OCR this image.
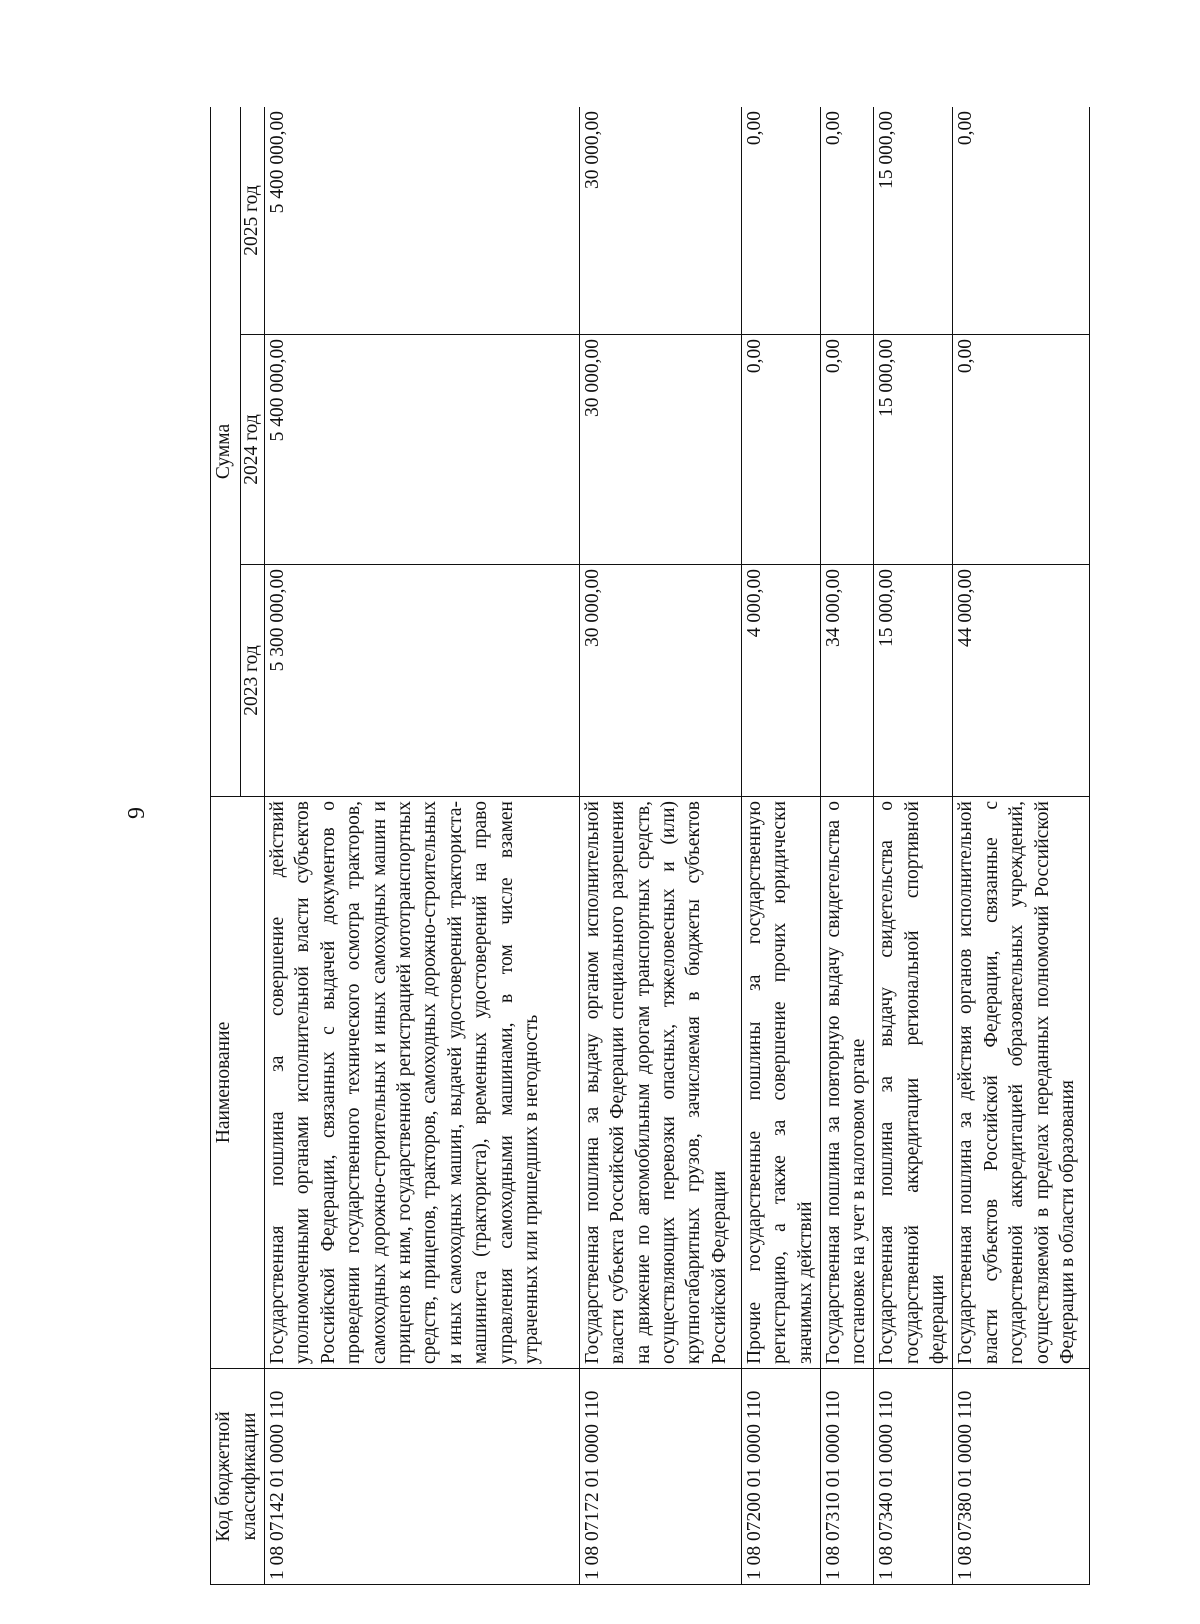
9
Код бюджетной классификации	Наименование	Сумма		
		2023 год	2024 год	2025 год
1 08 07142 01 0000 110	Государственная пошлина за совершение действий уполномоченными органами исполнительной власти субъектов Российской Федерации, связанных с выдачей документов о проведении государственного технического осмотра тракторов, самоходных дорожно-строительных и иных самоходных машин и прицепов к ним, государственной регистрацией мототранспортных средств, прицепов, тракторов, самоходных дорожно-строительных и иных самоходных машин, выдачей удостоверений тракториста-машиниста (тракториста), временных удостоверений на право управления самоходными машинами, в том числе взамен утраченных или пришедших в негодность	5 300 000,00	5 400 000,00	5 400 000,00
1 08 07172 01 0000 110	Государственная пошлина за выдачу органом исполнительной власти субъекта Российской Федерации специального разрешения на движение по автомобильным дорогам транспортных средств, осуществляющих перевозки опасных, тяжеловесных и (или) крупногабаритных грузов, зачисляемая в бюджеты субъектов Российской Федерации	30 000,00	30 000,00	30 000,00
1 08 07200 01 0000 110	Прочие государственные пошлины за государственную регистрацию, а также за совершение прочих юридически значимых действий	4 000,00	0,00	0,00
1 08 07310 01 0000 110	Государственная пошлина за повторную выдачу свидетельства о постановке на учет в налоговом органе	34 000,00	0,00	0,00
1 08 07340 01 0000 110	Государственная пошлина за выдачу свидетельства о государственной аккредитации региональной спортивной федерации	15 000,00	15 000,00	15 000,00
1 08 07380 01 0000 110	Государственная пошлина за действия органов исполнительной власти субъектов Российской Федерации, связанные с государственной аккредитацией образовательных учреждений, осуществляемой в пределах переданных полномочий Российской Федерации в области образования	44 000,00	0,00	0,00
